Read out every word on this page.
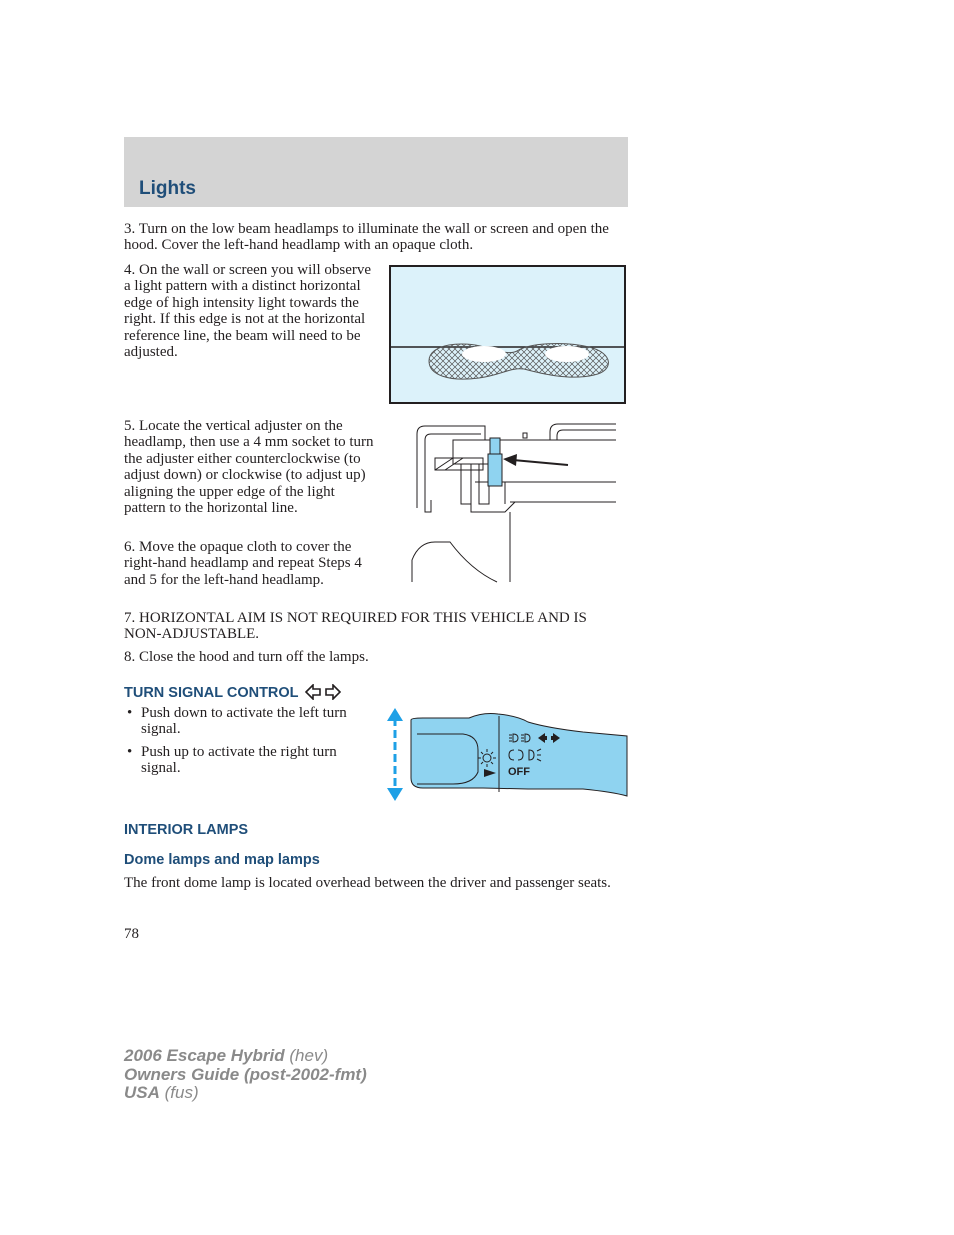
Lights

3. Turn on the low beam headlamps to illuminate the wall or screen and open the hood. Cover the left-hand headlamp with an opaque cloth.

4. On the wall or screen you will observe a light pattern with a distinct horizontal edge of high intensity light towards the right. If this edge is not at the horizontal reference line, the beam will need to be adjusted.

5. Locate the vertical adjuster on the headlamp, then use a 4 mm socket to turn the adjuster either counterclockwise (to adjust down) or clockwise (to adjust up) aligning the upper edge of the light pattern to the horizontal line.

6. Move the opaque cloth to cover the right-hand headlamp and repeat Steps 4 and 5 for the left-hand headlamp.

7. HORIZONTAL AIM IS NOT REQUIRED FOR THIS VEHICLE AND IS NON-ADJUSTABLE.

8. Close the hood and turn off the lamps.

TURN SIGNAL CONTROL
• Push down to activate the left turn signal.

• Push up to activate the right turn signal.	OFF
INTERIOR LAMPS
Dome lamps and map lamps

The front dome lamp is located overhead between the driver and passenger seats.

78

2006 Escape Hybrid (hev)
Owners Guide (post-2002-fmt)
USA (fus)
